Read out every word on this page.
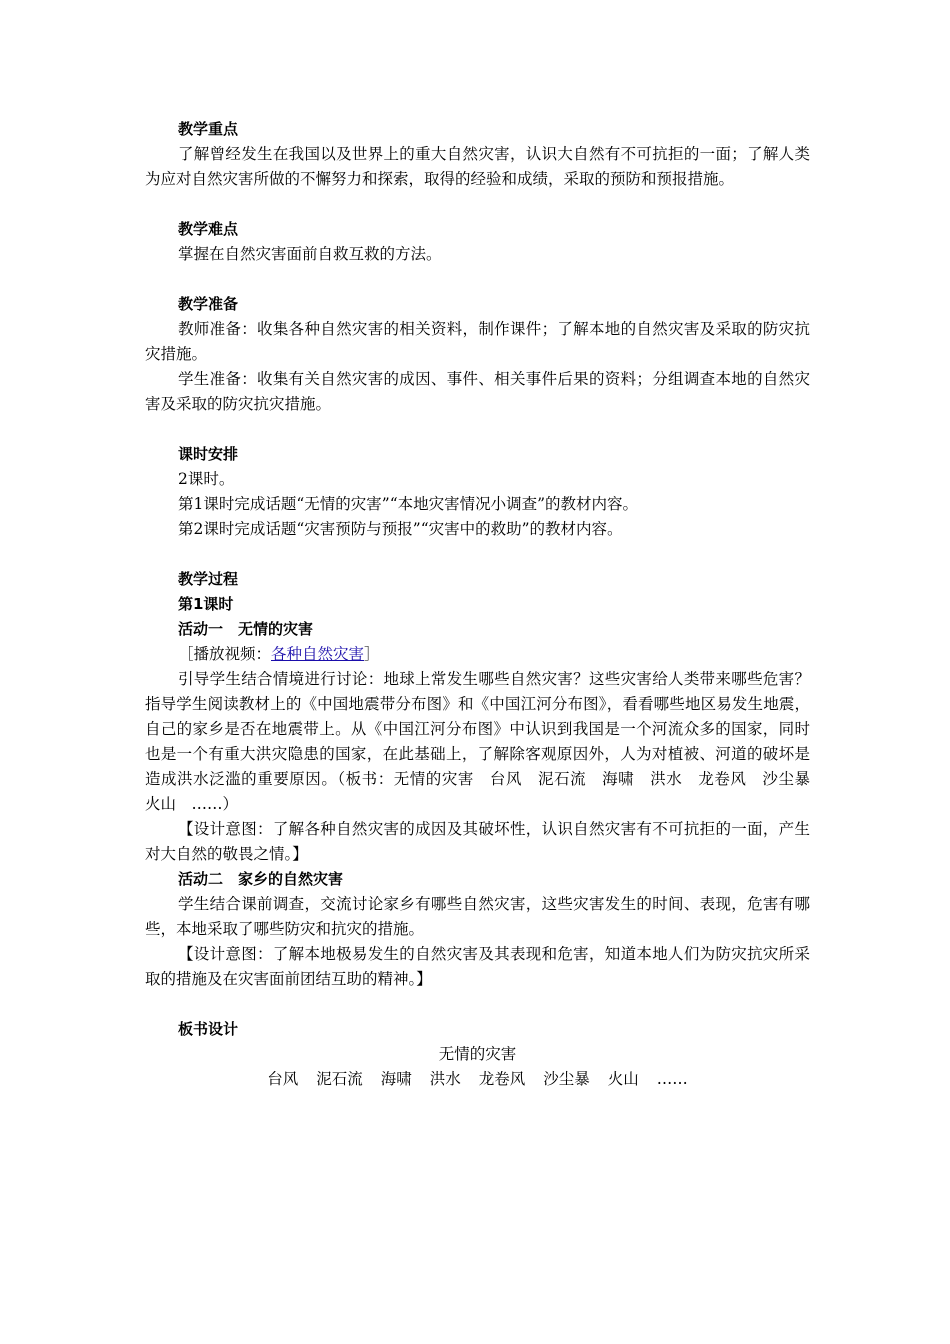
教学重点
了解曾经发生在我国以及世界上的重大自然灾害，认识大自然有不可抗拒的一面；了解人类为应对自然灾害所做的不懈努力和探索，取得的经验和成绩，采取的预防和预报措施。
教学难点
掌握在自然灾害面前自救互救的方法。
教学准备
教师准备：收集各种自然灾害的相关资料，制作课件；了解本地的自然灾害及采取的防灾抗灾措施。
学生准备：收集有关自然灾害的成因、事件、相关事件后果的资料；分组调查本地的自然灾害及采取的防灾抗灾措施。
课时安排
2课时。
第1课时完成话题“无情的灾害”“本地灾害情况小调查”的教材内容。
第2课时完成话题“灾害预防与预报”“灾害中的救助”的教材内容。
教学过程
第1课时
活动一　无情的灾害
［播放视频：各种自然灾害］
引导学生结合情境进行讨论：地球上常发生哪些自然灾害？这些灾害给人类带来哪些危害？指导学生阅读教材上的《中国地震带分布图》和《中国江河分布图》，看看哪些地区易发生地震，自己的家乡是否在地震带上。从《中国江河分布图》中认识到我国是一个河流众多的国家，同时也是一个有重大洪灾隐患的国家，在此基础上，了解除客观原因外，人为对植被、河道的破坏是造成洪水泛滥的重要原因。（板书：无情的灾害　台风　泥石流　海啸　洪水　龙卷风　沙尘暴　火山　……）
【设计意图：了解各种自然灾害的成因及其破坏性，认识自然灾害有不可抗拒的一面，产生对大自然的敬畏之情。】
活动二　家乡的自然灾害
学生结合课前调查，交流讨论家乡有哪些自然灾害，这些灾害发生的时间、表现，危害有哪些，本地采取了哪些防灾和抗灾的措施。
【设计意图：了解本地极易发生的自然灾害及其表现和危害，知道本地人们为防灾抗灾所采取的措施及在灾害面前团结互助的精神。】
板书设计
无情的灾害
台风 泥石流 海啸 洪水 龙卷风 沙尘暴 火山 ……
